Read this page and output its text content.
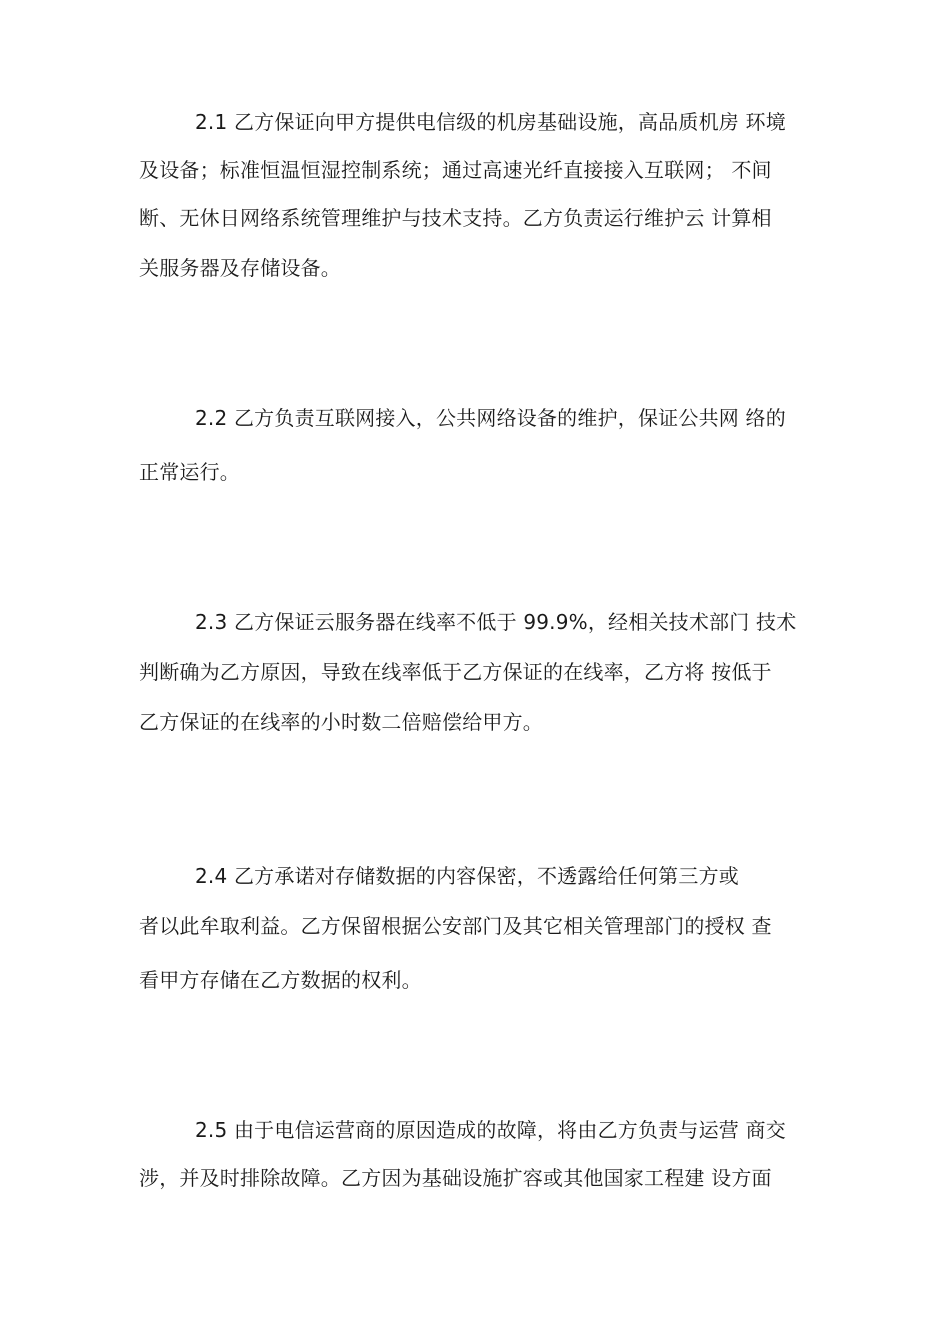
2.1 乙方保证向甲方提供电信级的机房基础设施，高品质机房 环境
及设备；标准恒温恒湿控制系统；通过高速光纤直接接入互联网； 不间
断、无休日网络系统管理维护与技术支持。乙方负责运行维护云 计算相
关服务器及存储设备。
2.2 乙方负责互联网接入，公共网络设备的维护，保证公共网 络的
正常运行。
2.3 乙方保证云服务器在线率不低于 99.9%，经相关技术部门 技术
判断确为乙方原因，导致在线率低于乙方保证的在线率，乙方将 按低于
乙方保证的在线率的小时数二倍赔偿给甲方。
2.4 乙方承诺对存储数据的内容保密，不透露给任何第三方或
者以此牟取利益。乙方保留根据公安部门及其它相关管理部门的授权 查
看甲方存储在乙方数据的权利。
2.5 由于电信运营商的原因造成的故障，将由乙方负责与运营 商交
涉，并及时排除故障。乙方因为基础设施扩容或其他国家工程建 设方面
